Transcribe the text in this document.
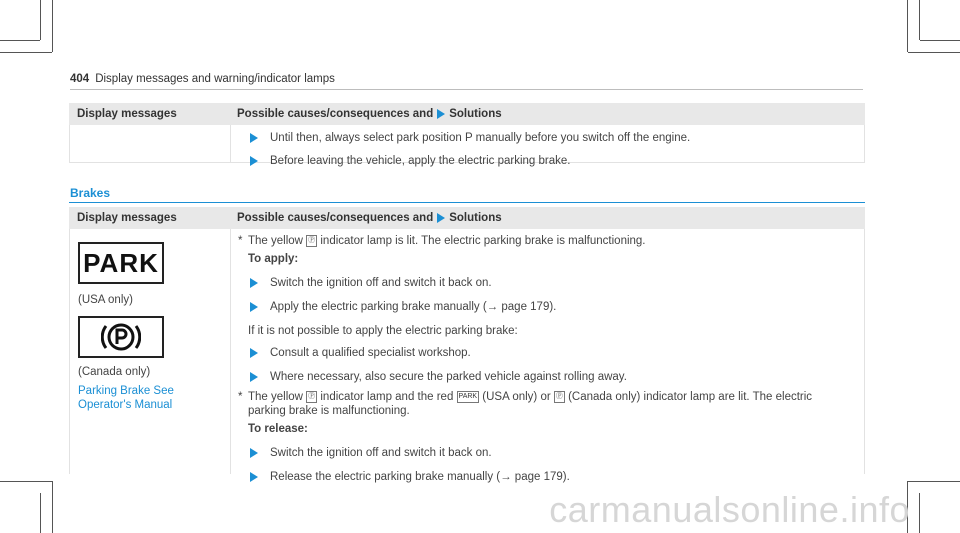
404 Display messages and warning/indicator lamps
Display messages	Possible causes/consequences and Solutions
Until then, always select park position P manually before you switch off the engine.
Before leaving the vehicle, apply the electric parking brake.
Brakes
Display messages	Possible causes/consequences and Solutions
PARK
(USA only)
(Canada only)
Parking Brake See Operator's Manual
* The yellow Ⓟ indicator lamp is lit. The electric parking brake is malfunctioning.
To apply:
Switch the ignition off and switch it back on.
Apply the electric parking brake manually (→ page 179).
If it is not possible to apply the electric parking brake:
Consult a qualified specialist workshop.
Where necessary, also secure the parked vehicle against rolling away.
* The yellow Ⓟ indicator lamp and the red PARK (USA only) or Ⓟ (Canada only) indicator lamp are lit. The electric parking brake is malfunctioning.
To release:
Switch the ignition off and switch it back on.
Release the electric parking brake manually (→ page 179).
carmanualsonline.info
